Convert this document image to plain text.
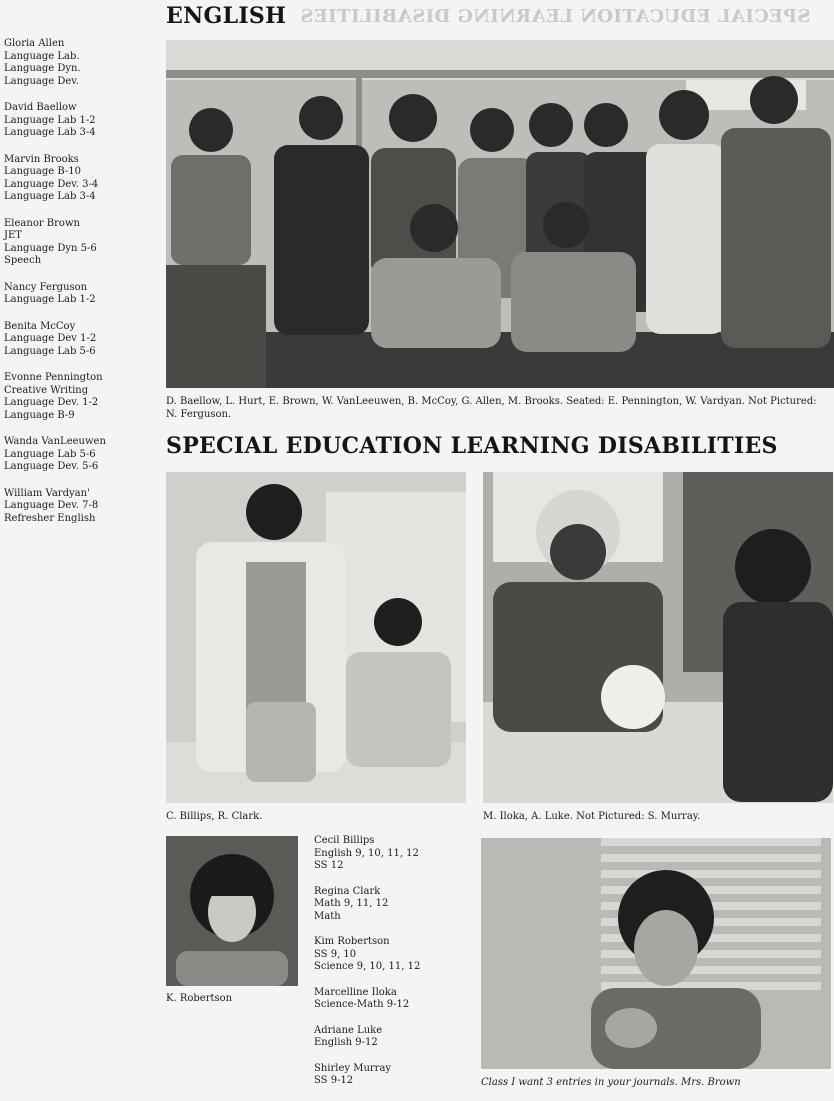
ENGLISH SPECIAL EDUCATION LEARNING DISABILITIES
Gloria Allen
Language Lab.
Language Dyn.
Language Dev.
David Baellow
Language Lab 1-2
Language Lab 3-4
Marvin Brooks
Language B-10
Language Dev. 3-4
Language Lab 3-4
Eleanor Brown
JET
Language Dyn 5-6
Speech
Nancy Ferguson
Language Lab 1-2
Benita McCoy
Language Dev 1-2
Language Lab 5-6
Evonne Pennington
Creative Writing
Language Dev. 1-2
Language B-9
Wanda VanLeeuwen
Language Lab 5-6
Language Dev. 5-6
William Vardyan'
Language Dev. 7-8
Refresher English
D. Baellow, L. Hurt, E. Brown, W. VanLeeuwen, B. McCoy, G. Allen, M. Brooks. Seated: E. Pennington, W. Vardyan. Not Pictured: N. Ferguson.
SPECIAL EDUCATION LEARNING DISABILITIES
C. Billips, R. Clark.	M. Iloka, A. Luke. Not Pictured: S. Murray.
K. Robertson
Cecil Billips
English 9, 10, 11, 12
SS 12
Regina Clark
Math 9, 11, 12
Math
Kim Robertson
SS 9, 10
Science 9, 10, 11, 12
Marcelline Iloka
Science-Math 9-12
Adriane Luke
English 9-12
Shirley Murray
SS 9-12	Class I want 3 entries in your journals. Mrs. Brown
